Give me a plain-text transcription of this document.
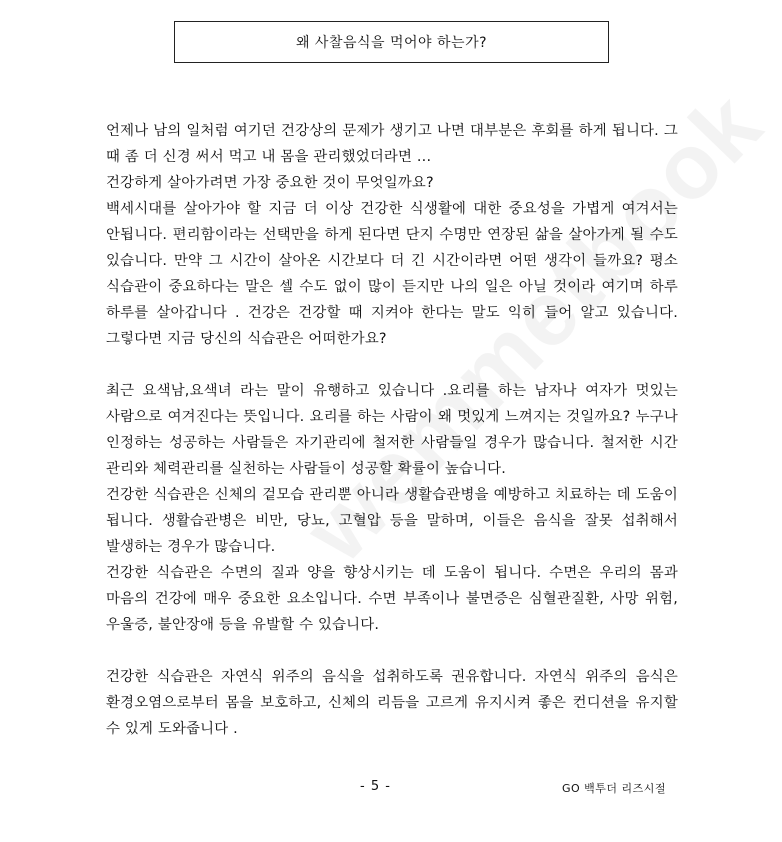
왜 사찰음식을 먹어야 하는가?
언제나 남의 일처럼 여기던 건강상의 문제가 생기고 나면 대부분은 후회를 하게 됩니다. 그 때 좀 더 신경 써서 먹고 내 몸을 관리했었더라면 ...
건강하게 살아가려면 가장 중요한 것이 무엇일까요?
백세시대를 살아가야 할 지금 더 이상 건강한 식생활에 대한 중요성을 가볍게 여겨서는 안됩니다. 편리함이라는 선택만을 하게 된다면 단지 수명만 연장된 삶을 살아가게 될 수도 있습니다. 만약 그 시간이 살아온 시간보다 더 긴 시간이라면 어떤 생각이 들까요? 평소 식습관이 중요하다는 말은 셀 수도 없이 많이 듣지만 나의 일은 아닐 것이라 여기며 하루 하루를 살아갑니다 . 건강은 건강할 때 지켜야 한다는 말도 익히 들어 알고 있습니다. 그렇다면 지금 당신의 식습관은 어떠한가요?
최근 요색남,요색녀 라는 말이 유행하고 있습니다 .요리를 하는 남자나 여자가 멋있는 사람으로 여겨진다는 뜻입니다. 요리를 하는 사람이 왜 멋있게 느껴지는 것일까요? 누구나 인정하는 성공하는 사람들은 자기관리에 철저한 사람들일 경우가 많습니다. 철저한 시간 관리와 체력관리를 실천하는 사람들이 성공할 확률이 높습니다.
건강한 식습관은 신체의 겉모습 관리뿐 아니라 생활습관병을 예방하고 치료하는 데 도움이 됩니다. 생활습관병은 비만, 당뇨, 고혈압 등을 말하며, 이들은 음식을 잘못 섭취해서 발생하는 경우가 많습니다.
건강한 식습관은 수면의 질과 양을 향상시키는 데 도움이 됩니다. 수면은 우리의 몸과 마음의 건강에 매우 중요한 요소입니다. 수면 부족이나 불면증은 심혈관질환, 사망 위험, 우울증, 불안장애 등을 유발할 수 있습니다.
건강한 식습관은 자연식 위주의 음식을 섭취하도록 권유합니다. 자연식 위주의 음식은 환경오염으로부터 몸을 보호하고, 신체의 리듬을 고르게 유지시켜 좋은 컨디션을 유지할 수 있게 도와줍니다 .
- 5 -	GO 백투더 리즈시절
